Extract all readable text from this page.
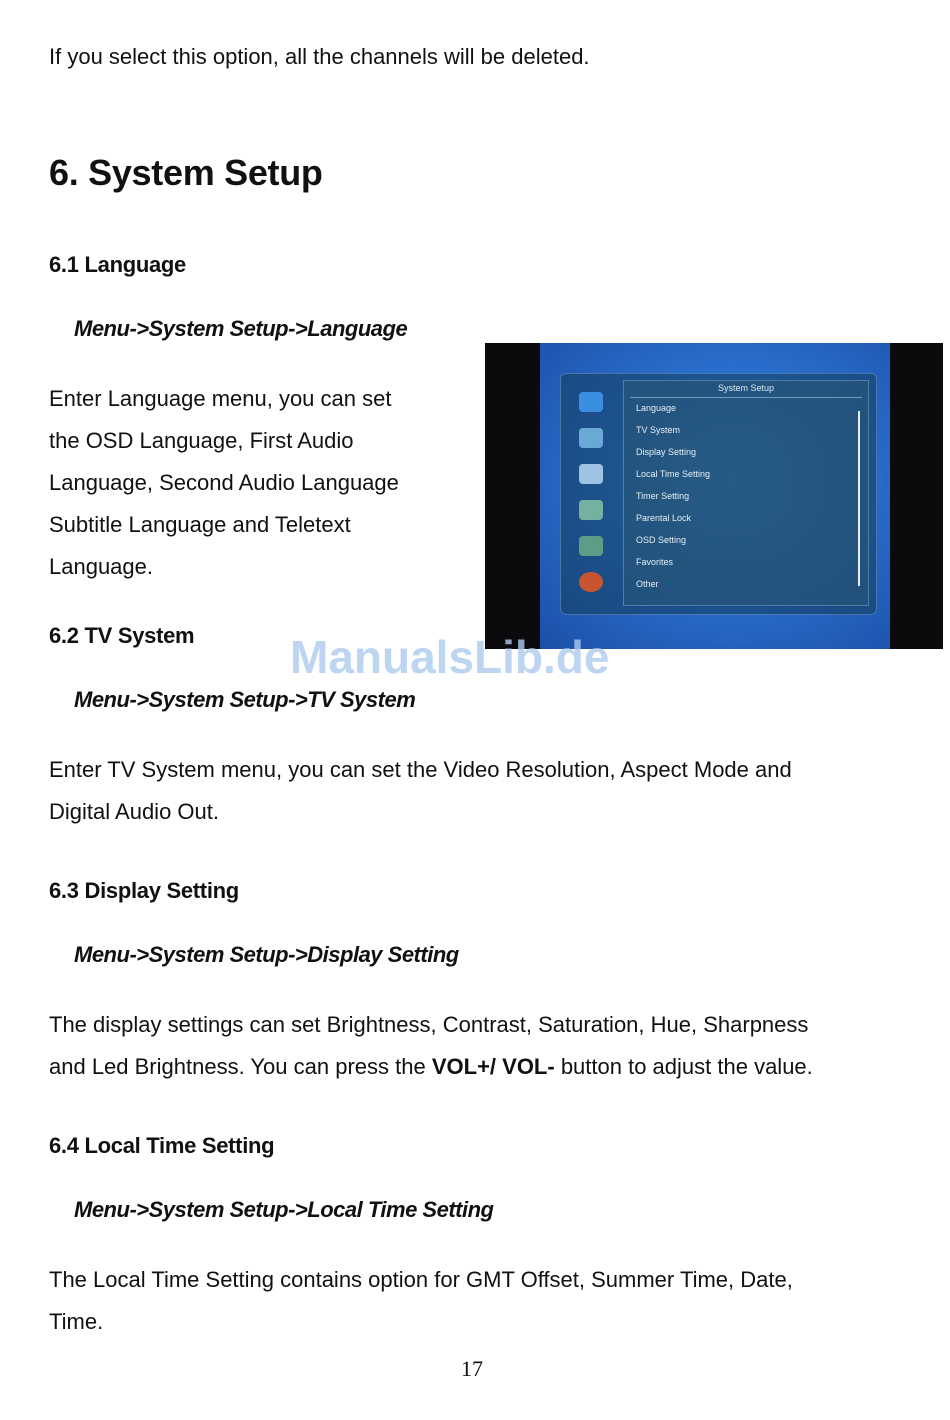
If you select this option, all the channels will be deleted.
6. System Setup
6.1 Language
Menu->System Setup->Language
Enter Language menu, you can set
the OSD Language, First Audio
Language, Second Audio Language
Subtitle Language and Teletext
Language.
System Setup
Language
TV System
Display Setting
Local Time Setting
Timer Setting
Parental Lock
OSD Setting
Favorites
Other
6.2 TV System ManualsLib.de
Menu->System Setup->TV System
Enter TV System menu, you can set the Video Resolution, Aspect Mode and
Digital Audio Out.
6.3 Display Setting
Menu->System Setup->Display Setting
The display settings can set Brightness, Contrast, Saturation, Hue, Sharpness
and Led Brightness. You can press the VOL+/ VOL- button to adjust the value.
6.4 Local Time Setting
Menu->System Setup->Local Time Setting
The Local Time Setting contains option for GMT Offset, Summer Time, Date,
Time.
17
